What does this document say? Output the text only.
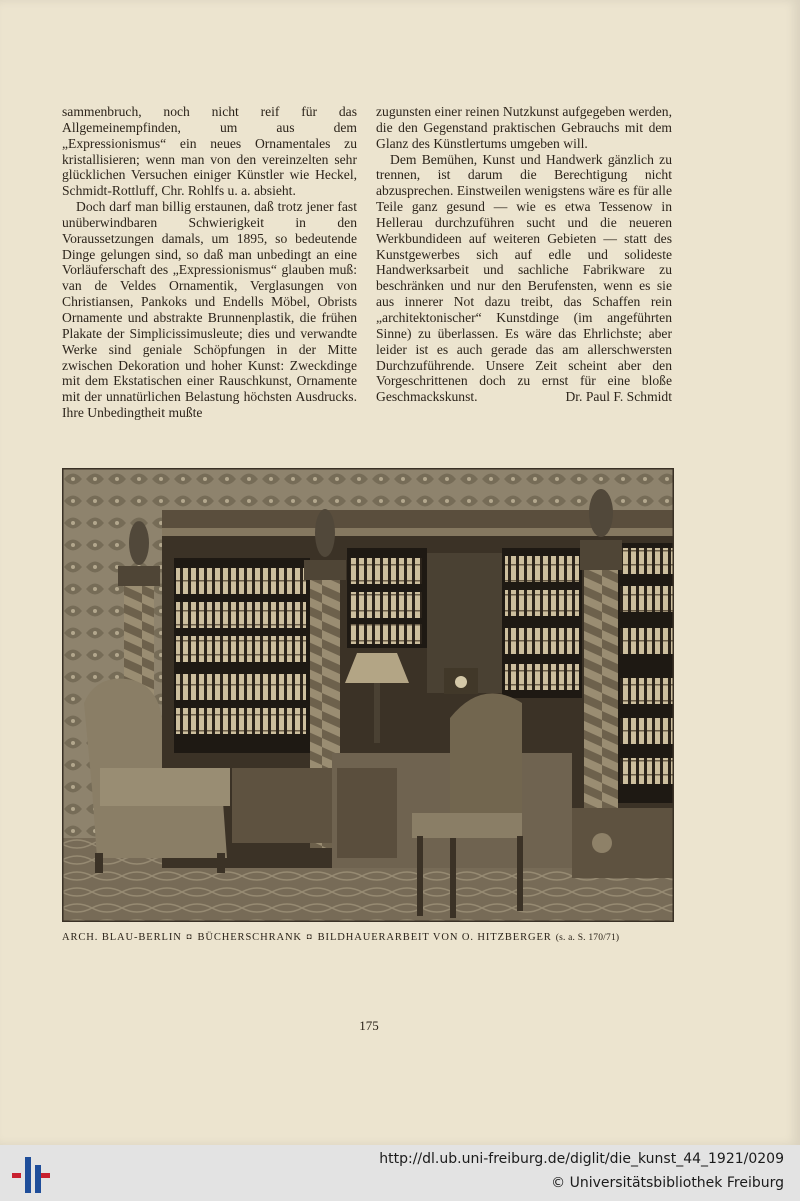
sammenbruch, noch nicht reif für das Allgemeinempfinden, um aus dem „Expressionismus“ ein neues Ornamentales zu kristallisieren; wenn man von den vereinzelten sehr glücklichen Versuchen einiger Künstler wie Heckel, Schmidt-Rottluff, Chr. Rohlfs u. a. absieht.

Doch darf man billig erstaunen, daß trotz jener fast unüberwindbaren Schwierigkeit in den Voraussetzungen damals, um 1895, so bedeutende Dinge gelungen sind, so daß man unbedingt an eine Vorläuferschaft des „Expressionismus“ glauben muß: van de Veldes Ornamentik, Verglasungen von Christiansen, Pankoks und Endells Möbel, Obrists Ornamente und abstrakte Brunnenplastik, die frühen Plakate der Simplicissimusleute; dies und verwandte Werke sind geniale Schöpfungen in der Mitte zwischen Dekoration und hoher Kunst: Zweckdinge mit dem Ekstatischen einer Rauschkunst, Ornamente mit der unnatürlichen Belastung höchsten Ausdrucks. Ihre Unbedingtheit mußte

zugunsten einer reinen Nutzkunst aufgegeben werden, die den Gegenstand praktischen Gebrauchs mit dem Glanz des Künstlertums umgeben will.

Dem Bemühen, Kunst und Handwerk gänzlich zu trennen, ist darum die Berechtigung nicht abzusprechen. Einstweilen wenigstens wäre es für alle Teile ganz gesund — wie es etwa Tessenow in Hellerau durchzuführen sucht und die neueren Werkbundideen auf weiteren Gebieten — statt des Kunstgewerbes sich auf edle und solideste Handwerksarbeit und sachliche Fabrikware zu beschränken und nur den Berufensten, wenn es sie aus innerer Not dazu treibt, das Schaffen rein „architektonischer“ Kunstdinge (im angeführten Sinne) zu überlassen. Es wäre das Ehrlichste; aber leider ist es auch gerade das am allerschwersten Durchzuführende. Unsere Zeit scheint aber den Vorgeschrittenen doch zu ernst für eine bloße Geschmackskunst.	Dr. Paul F. Schmidt

ARCH. BLAU-BERLIN ◘ BÜCHERSCHRANK ◘ BILDHAUERARBEIT VON O. HITZBERGER (s. a. S. 170/71)
175
http://dl.ub.uni-freiburg.de/diglit/die_kunst_44_1921/0209
© Universitätsbibliothek Freiburg
